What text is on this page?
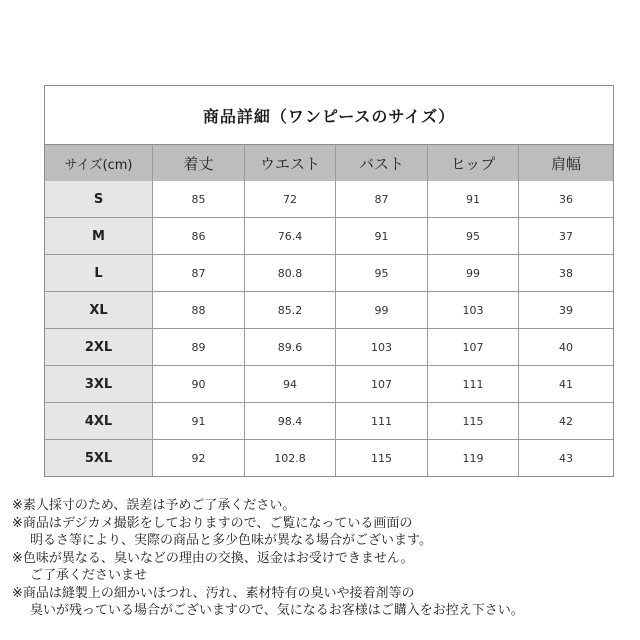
商品詳細（ワンピースのサイズ）					
サイズ(cm)	着丈	ウエスト	バスト	ヒップ	肩幅
S	85	72	87	91	36
M	86	76.4	91	95	37
L	87	80.8	95	99	38
XL	88	85.2	99	103	39
2XL	89	89.6	103	107	40
3XL	90	94	107	111	41
4XL	91	98.4	111	115	42
5XL	92	102.8	115	119	43

※素人採寸のため、誤差は予めご了承ください。

※商品はデジカメ撮影をしておりますので、ご覧になっている画面の

明るさ等により、実際の商品と多少色味が異なる場合がございます。

※色味が異なる、臭いなどの理由の交換、返金はお受けできません。

ご了承くださいませ

※商品は縫製上の細かいほつれ、汚れ、素材特有の臭いや接着剤等の

臭いが残っている場合がございますので、気になるお客様はご購入をお控え下さい。
